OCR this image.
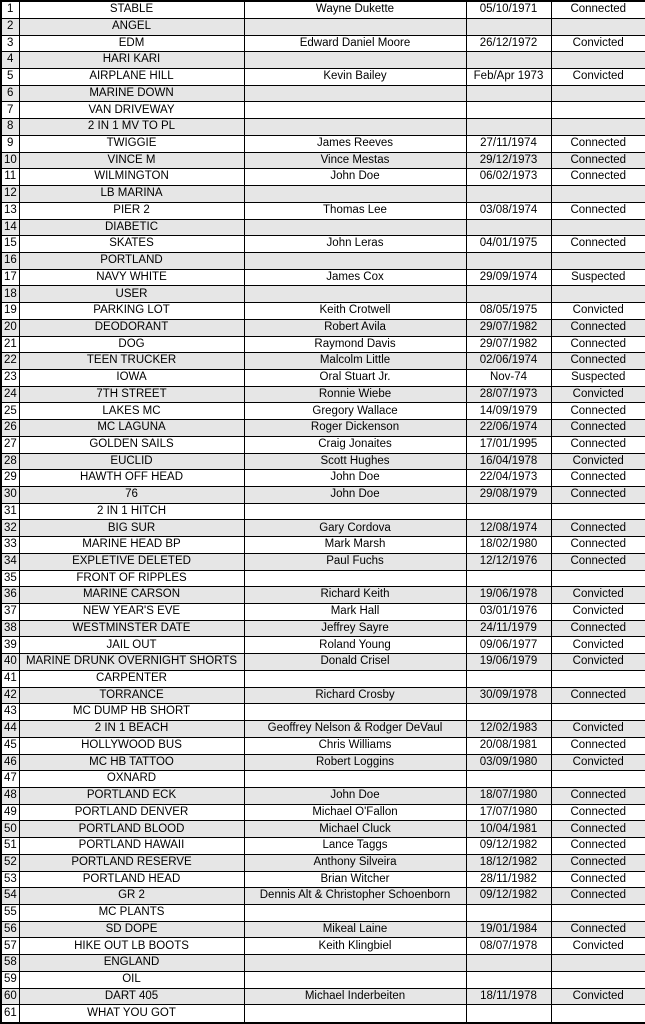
1	STABLE	Wayne Dukette	05/10/1971	Connected
2	ANGEL			
3	EDM	Edward Daniel Moore	26/12/1972	Convicted
4	HARI KARI			
5	AIRPLANE HILL	Kevin Bailey	Feb/Apr 1973	Convicted
6	MARINE DOWN			
7	VAN DRIVEWAY			
8	2 IN 1 MV TO PL			
9	TWIGGIE	James Reeves	27/11/1974	Connected
10	VINCE M	Vince Mestas	29/12/1973	Connected
11	WILMINGTON	John Doe	06/02/1973	Connected
12	LB MARINA			
13	PIER 2	Thomas Lee	03/08/1974	Connected
14	DIABETIC			
15	SKATES	John Leras	04/01/1975	Connected
16	PORTLAND			
17	NAVY WHITE	James Cox	29/09/1974	Suspected
18	USER			
19	PARKING LOT	Keith Crotwell	08/05/1975	Convicted
20	DEODORANT	Robert Avila	29/07/1982	Connected
21	DOG	Raymond Davis	29/07/1982	Connected
22	TEEN TRUCKER	Malcolm Little	02/06/1974	Connected
23	IOWA	Oral Stuart Jr.	Nov-74	Suspected
24	7TH STREET	Ronnie Wiebe	28/07/1973	Convicted
25	LAKES MC	Gregory Wallace	14/09/1979	Connected
26	MC LAGUNA	Roger Dickenson	22/06/1974	Connected
27	GOLDEN SAILS	Craig Jonaites	17/01/1995	Connected
28	EUCLID	Scott Hughes	16/04/1978	Convicted
29	HAWTH OFF HEAD	John Doe	22/04/1973	Connected
30	76	John Doe	29/08/1979	Connected
31	2 IN 1 HITCH			
32	BIG SUR	Gary Cordova	12/08/1974	Connected
33	MARINE HEAD BP	Mark Marsh	18/02/1980	Connected
34	EXPLETIVE DELETED	Paul Fuchs	12/12/1976	Connected
35	FRONT OF RIPPLES			
36	MARINE CARSON	Richard Keith	19/06/1978	Convicted
37	NEW YEAR'S EVE	Mark Hall	03/01/1976	Convicted
38	WESTMINSTER DATE	Jeffrey Sayre	24/11/1979	Connected
39	JAIL OUT	Roland Young	09/06/1977	Convicted
40	MARINE DRUNK OVERNIGHT SHORTS	Donald Crisel	19/06/1979	Convicted
41	CARPENTER			
42	TORRANCE	Richard Crosby	30/09/1978	Connected
43	MC DUMP HB SHORT			
44	2 IN 1 BEACH	Geoffrey Nelson & Rodger DeVaul	12/02/1983	Convicted
45	HOLLYWOOD BUS	Chris Williams	20/08/1981	Connected
46	MC HB TATTOO	Robert Loggins	03/09/1980	Convicted
47	OXNARD			
48	PORTLAND ECK	John Doe	18/07/1980	Connected
49	PORTLAND DENVER	Michael O'Fallon	17/07/1980	Connected
50	PORTLAND BLOOD	Michael Cluck	10/04/1981	Connected
51	PORTLAND HAWAII	Lance Taggs	09/12/1982	Connected
52	PORTLAND RESERVE	Anthony Silveira	18/12/1982	Connected
53	PORTLAND HEAD	Brian Witcher	28/11/1982	Connected
54	GR 2	Dennis Alt & Christopher Schoenborn	09/12/1982	Connected
55	MC PLANTS			
56	SD DOPE	Mikeal Laine	19/01/1984	Connected
57	HIKE OUT LB BOOTS	Keith Klingbiel	08/07/1978	Convicted
58	ENGLAND			
59	OIL			
60	DART 405	Michael Inderbeiten	18/11/1978	Convicted
61	WHAT YOU GOT			
